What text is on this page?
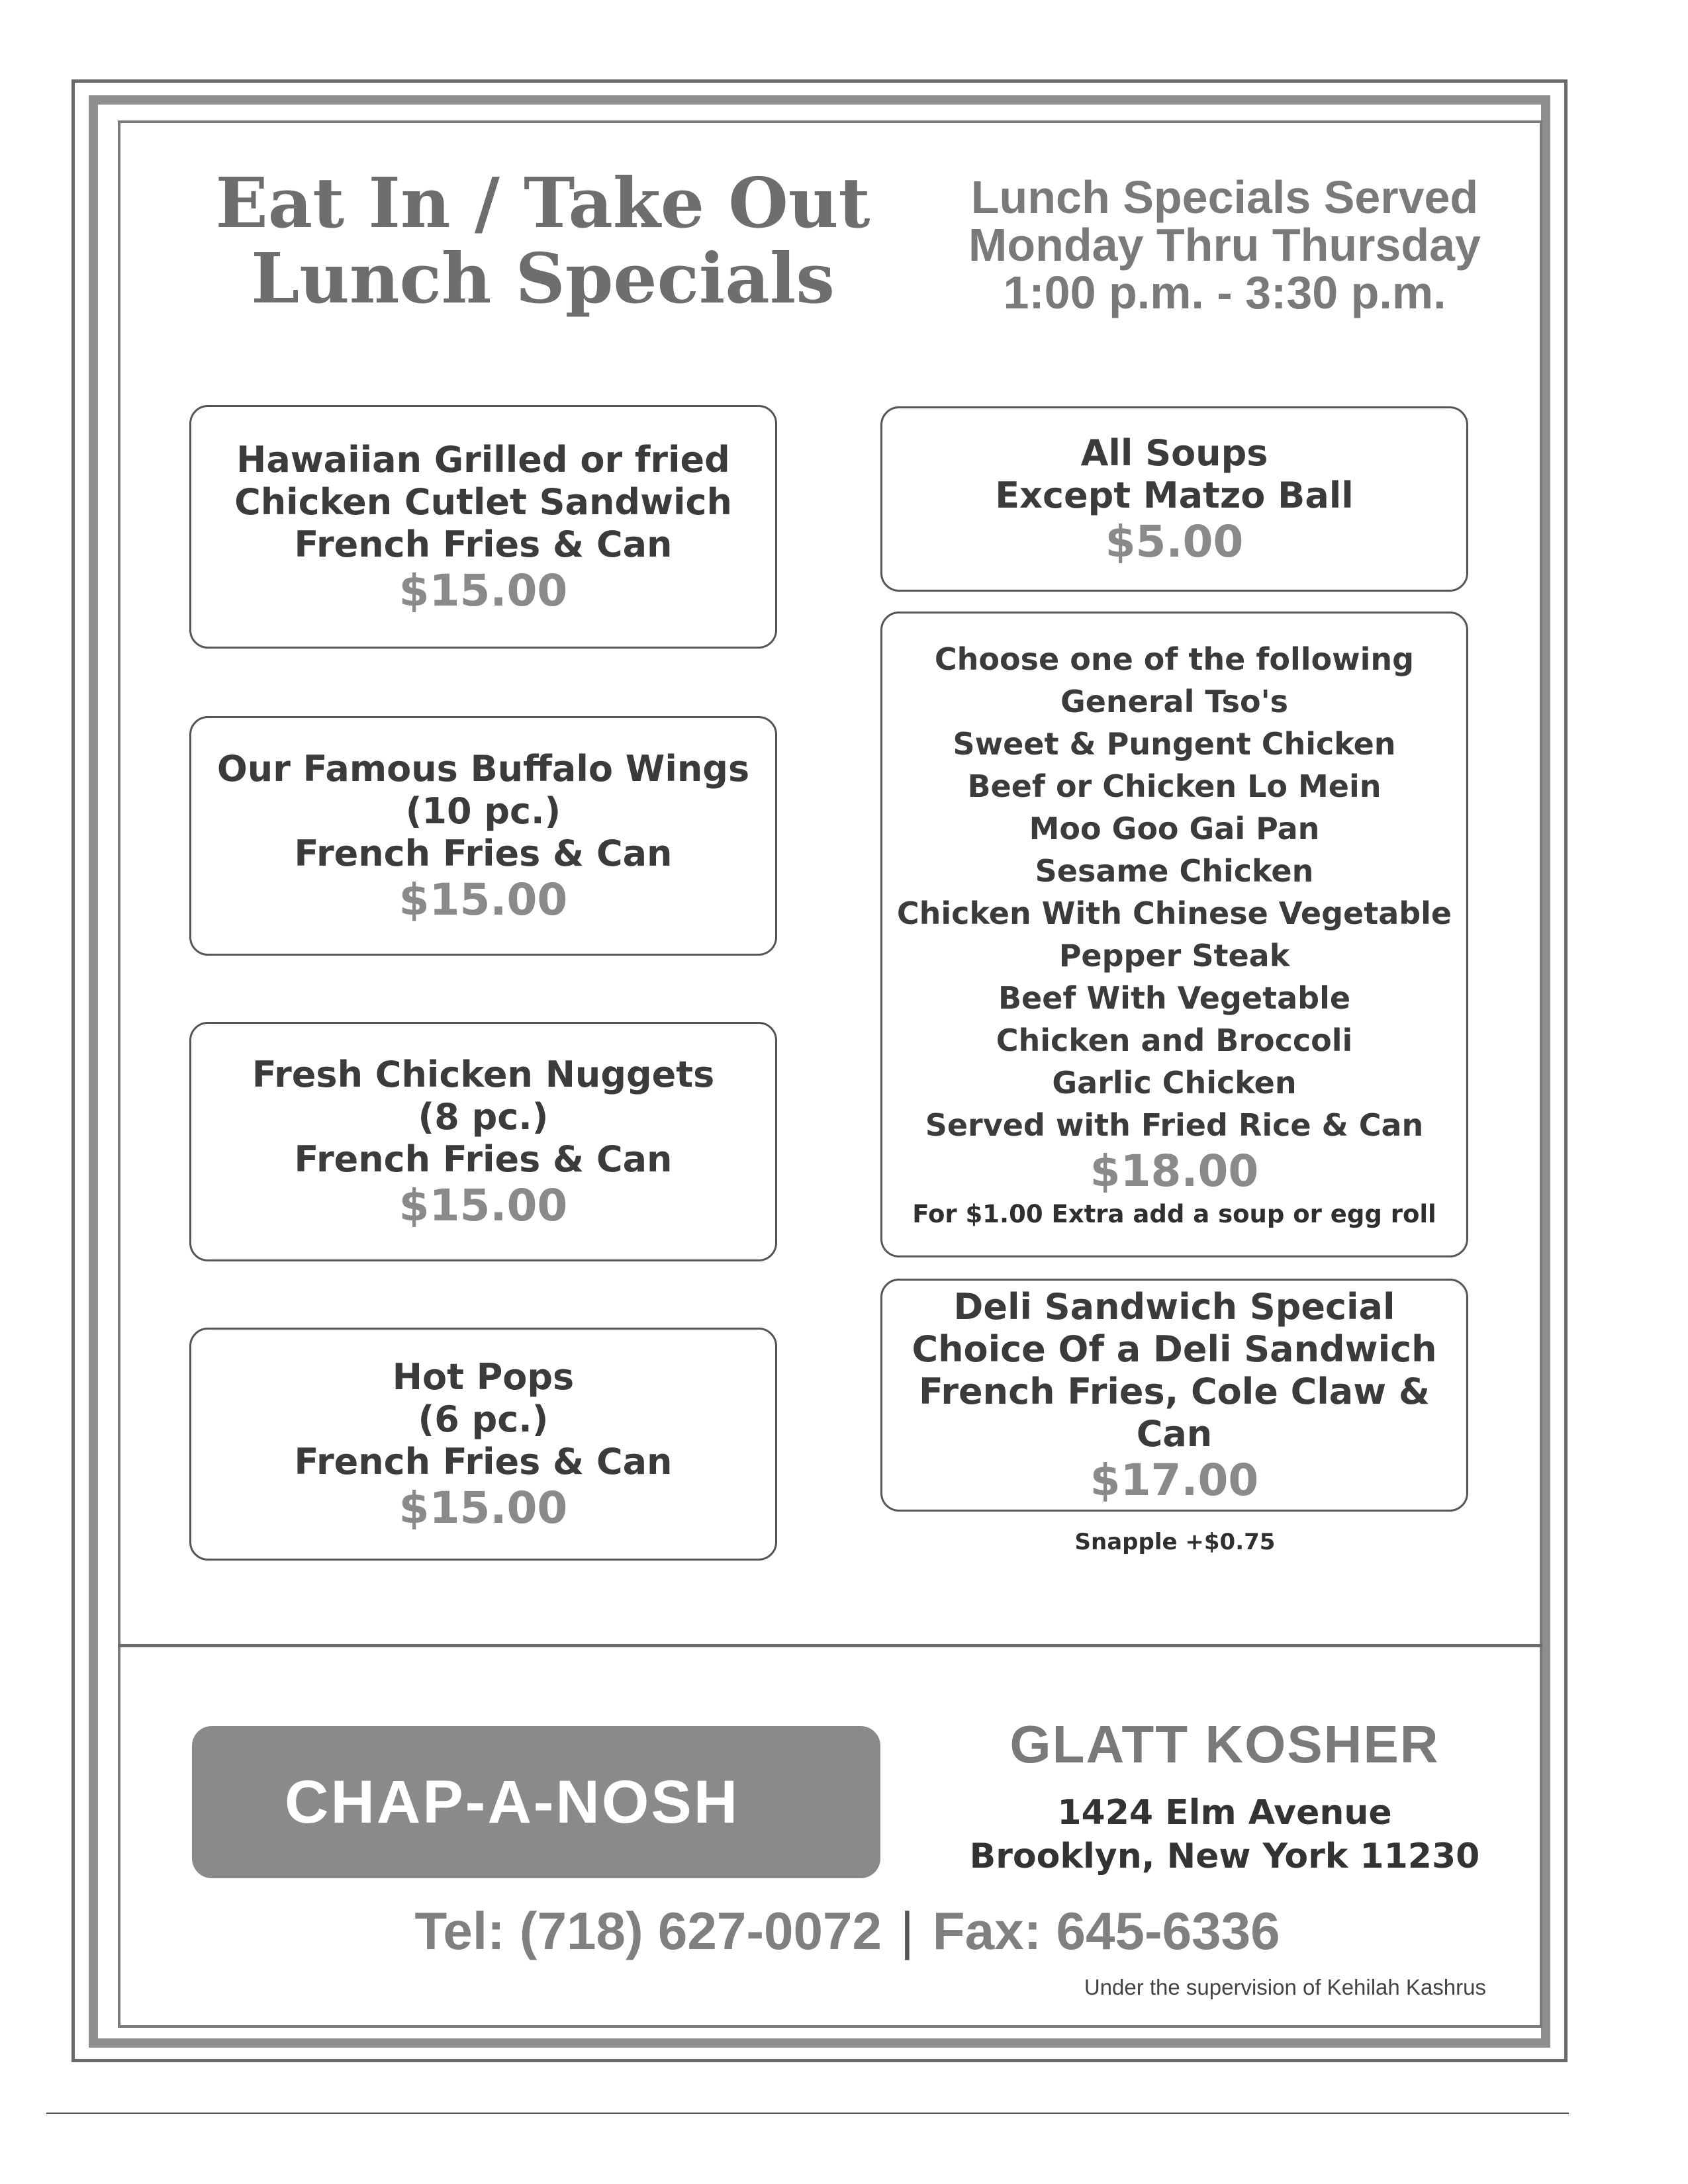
Eat In / Take Out
Lunch Specials
Lunch Specials Served
Monday Thru Thursday
1:00 p.m. - 3:30 p.m.
Hawaiian Grilled or fried
Chicken Cutlet Sandwich
French Fries & Can
$15.00
Our Famous Buffalo Wings
(10 pc.)
French Fries & Can
$15.00
Fresh Chicken Nuggets
(8 pc.)
French Fries & Can
$15.00
Hot Pops
(6 pc.)
French Fries & Can
$15.00
All Soups
Except Matzo Ball
$5.00
Choose one of the following
General Tso's
Sweet & Pungent Chicken
Beef or Chicken Lo Mein
Moo Goo Gai Pan
Sesame Chicken
Chicken With Chinese Vegetable
Pepper Steak
Beef With Vegetable
Chicken and Broccoli
Garlic Chicken
Served with Fried Rice & Can
$18.00
For $1.00 Extra add a soup or egg roll
Deli Sandwich Special
Choice Of a Deli Sandwich
French Fries, Cole Claw & Can
$17.00
Snapple +$0.75
CHAP-A-NOSH
GLATT KOSHER
1424 Elm Avenue
Brooklyn, New York 11230
Tel: (718) 627-0072 | Fax: 645-6336
Under the supervision of Kehilah Kashrus
